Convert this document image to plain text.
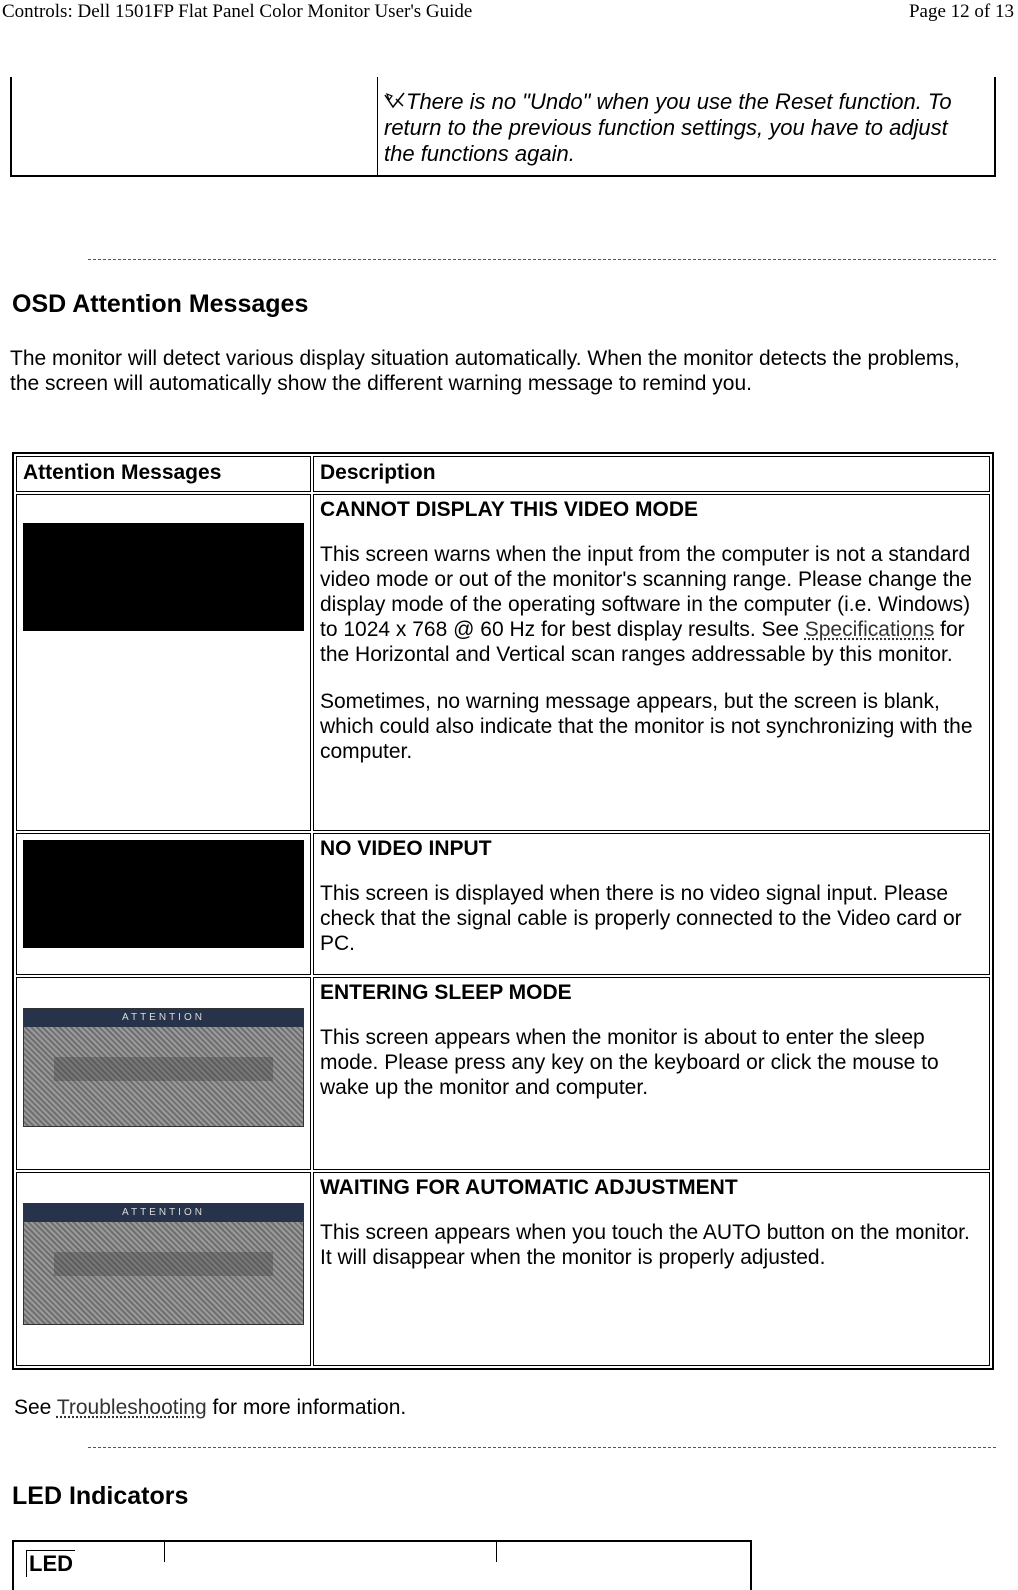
Controls: Dell 1501FP Flat Panel Color Monitor User's Guide	Page 12 of 13
There is no "Undo" when you use the Reset function. To return to the previous function settings, you have to adjust the functions again.
OSD Attention Messages

The monitor will detect various display situation automatically. When the monitor detects the problems, the screen will automatically show the different warning message to remind you.

Attention Messages	Description

	CANNOT DISPLAY THIS VIDEO MODE

This screen warns when the input from the computer is not a standard video mode or out of the monitor's scanning range. Please change the display mode of the operating software in the computer (i.e. Windows) to 1024 x 768 @ 60 Hz for best display results. See Specifications for the Horizontal and Vertical scan ranges addressable by this monitor.

Sometimes, no warning message appears, but the screen is blank, which could also indicate that the monitor is not synchronizing with the computer.

	NO VIDEO INPUT

This screen is displayed when there is no video signal input. Please check that the signal cable is properly connected to the Video card or PC.

ATTENTION	ENTERING SLEEP MODE

This screen appears when the monitor is about to enter the sleep mode. Please press any key on the keyboard or click the mouse to wake up the monitor and computer.

ATTENTION	WAITING FOR AUTOMATIC ADJUSTMENT

This screen appears when you touch the AUTO button on the monitor. It will disappear when the monitor is properly adjusted.

See Troubleshooting for more information.

LED Indicators
LED
